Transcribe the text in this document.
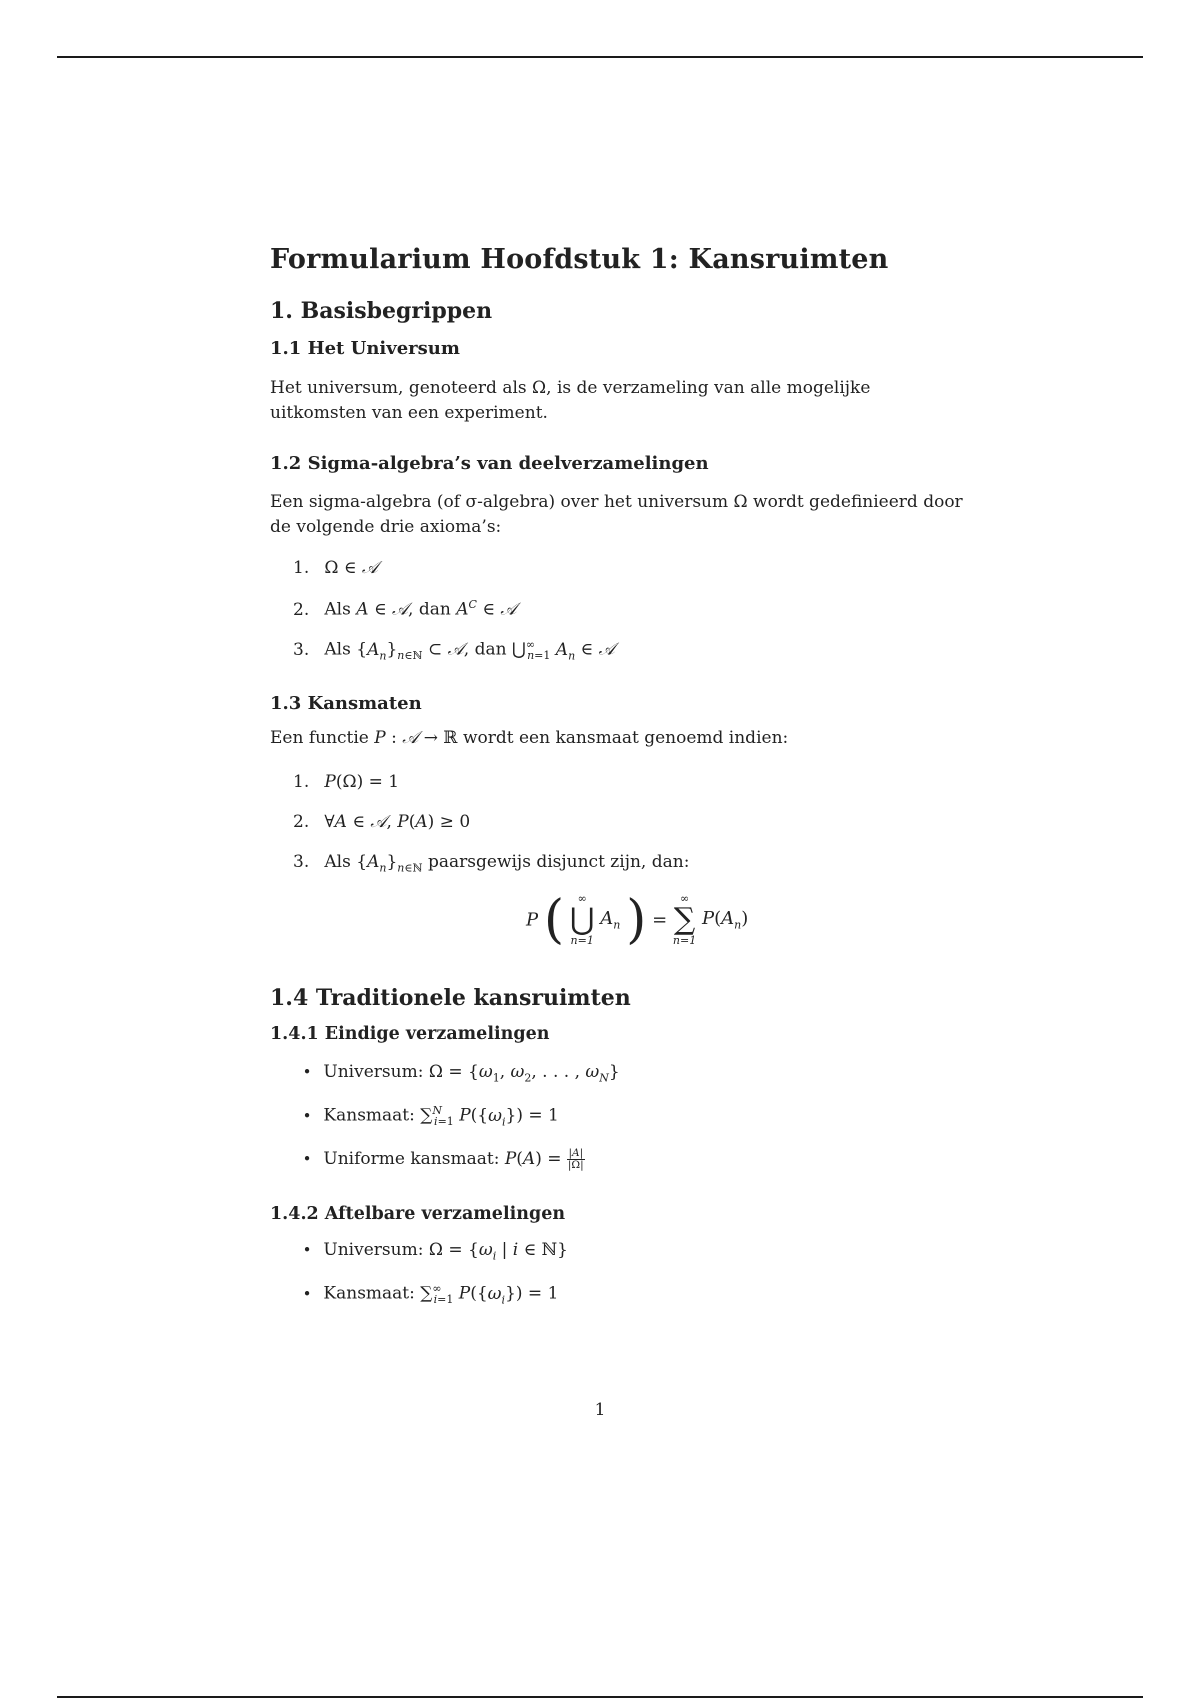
Formularium Hoofdstuk 1: Kansruimten
1. Basisbegrippen
1.1 Het Universum

Het universum, genoteerd als Ω, is de verzameling van alle mogelijke uitkomsten van een experiment.

1.2 Sigma-algebra’s van deelverzamelingen

Een sigma-algebra (of σ-algebra) over het universum Ω wordt gedefinieerd door de volgende drie axioma’s:

1. Ω ∈ 𝒜
2. Als A ∈ 𝒜, dan $A^C$ ∈ 𝒜
3. Als $\{A_n\}_{n\in ℕ}$ ⊂ 𝒜, dan $⋃^\infty_{n=1}$ $A_n$ ∈ 𝒜
1.3 Kansmaten
Een functie P : 𝒜 → ℝ wordt een kansmaat genoemd indien:
1. P(Ω) = 1
2. ∀A ∈ 𝒜, P(A) ≥ 0
3. Als $\{A_n\}_{n\in ℕ}$ paarsgewijs disjunct zijn, dan:
P (	∞
⋃
n=1
$A_n$ ) =
∞
∑
n=1
$P(A_n)$
1.4 Traditionele kansruimten
1.4.1 Eindige verzamelingen
• Universum: $\Omega = \{\omega_1$, $\omega_2$, . . . , $\omega_N$}
• Kansmaat: ∑$^N_{i=1}$ $P(\{\omega_i\}) = 1$
• Uniforme kansmaat: $P(A) = \frac{|A|}{|\Omega|}$
1.4.2 Aftelbare verzamelingen
• Universum: $\Omega = \{\omega_i$ | i ∈ ℕ}
• Kansmaat: $\sum^\infty_{i=1}$ $P(\{\omega_i\}) = 1$
1
